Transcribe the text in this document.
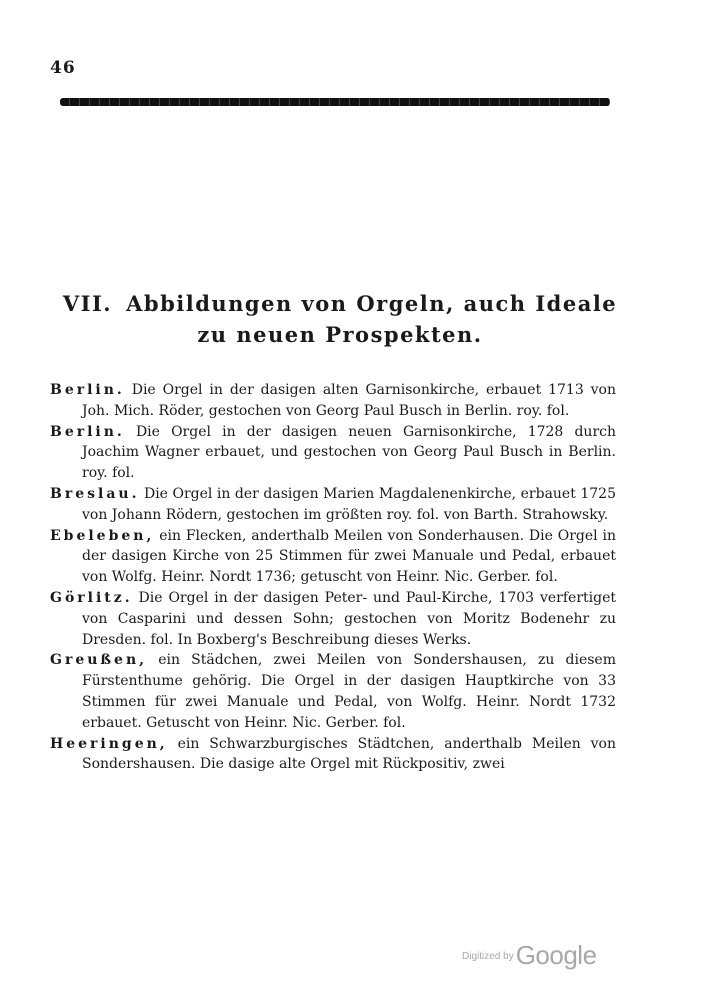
46
VII. Abbildungen von Orgeln, auch Ideale zu neuen Prospekten.

Berlin. Die Orgel in der dasigen alten Garnisonkirche, erbauet 1713 von Joh. Mich. Röder, gestochen von Georg Paul Busch in Berlin. roy. fol.

Berlin. Die Orgel in der dasigen neuen Garnisonkirche, 1728 durch Joachim Wagner erbauet, und gestochen von Georg Paul Busch in Berlin. roy. fol.

Breslau. Die Orgel in der dasigen Marien Magdalenenkirche, erbauet 1725 von Johann Rödern, gestochen im größten roy. fol. von Barth. Strahowsky.

Ebeleben, ein Flecken, anderthalb Meilen von Sonderhausen. Die Orgel in der dasigen Kirche von 25 Stimmen für zwei Manuale und Pedal, erbauet von Wolfg. Heinr. Nordt 1736; getuscht von Heinr. Nic. Gerber. fol.

Görlitz. Die Orgel in der dasigen Peter- und Paul-Kirche, 1703 verfertiget von Casparini und dessen Sohn; gestochen von Moritz Bodenehr zu Dresden. fol. In Boxberg's Beschreibung dieses Werks.

Greußen, ein Städchen, zwei Meilen von Sondershausen, zu diesem Fürstenthume gehörig. Die Orgel in der dasigen Hauptkirche von 33 Stimmen für zwei Manuale und Pedal, von Wolfg. Heinr. Nordt 1732 erbauet. Getuscht von Heinr. Nic. Gerber. fol.

Heeringen, ein Schwarzburgisches Städtchen, anderthalb Meilen von Sondershausen. Die dasige alte Orgel mit Rückpositiv, zwei

$^{Digitized by}$Google
